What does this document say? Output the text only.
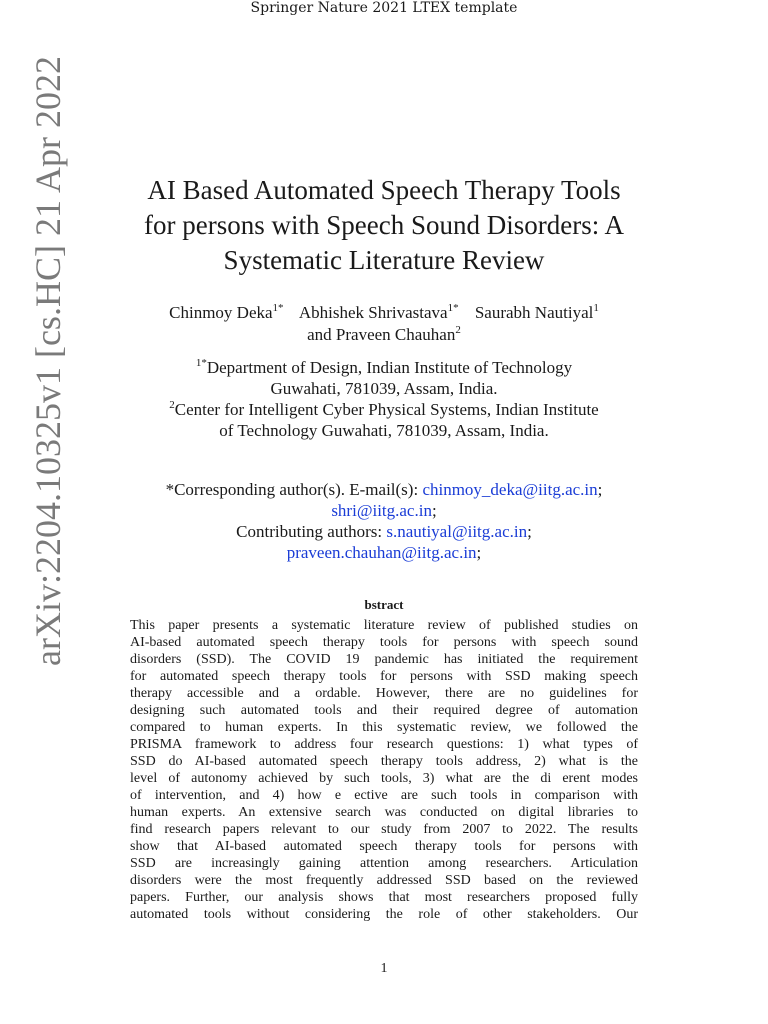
Springer Nature 2021 LTEX template
arXiv:2204.10325v1 [cs.HC] 21 Apr 2022	AI Based Automated Speech Therapy Tools
for persons with Speech Sound Disorders: A
Systematic Literature Review
Chinmoy Deka$^{1*}$ Abhishek Shrivastava$^{1*}$ Saurabh Nautiyal$^1$
and Praveen Chauhan$^2$

$^{1*}$Department of Design, Indian Institute of Technology
Guwahati, 781039, Assam, India.

$^2$Center for Intelligent Cyber Physical Systems, Indian Institute
of Technology Guwahati, 781039, Assam, India.

*Corresponding author(s). E-mail(s): chinmoy_deka@iitg.ac.in;
shri@iitg.ac.in;
Contributing authors: s.nautiyal@iitg.ac.in;
praveen.chauhan@iitg.ac.in;
bstract
This paper presents a systematic literature review of published studies on
AI-based automated speech therapy tools for persons with speech sound
disorders (SSD). The COVID 19 pandemic has initiated the requirement
for automated speech therapy tools for persons with SSD making speech
therapy accessible and a ordable. However, there are no guidelines for
designing such automated tools and their required degree of automation
compared to human experts. In this systematic review, we followed the
PRISMA framework to address four research questions: 1) what types of
SSD do AI-based automated speech therapy tools address, 2) what is the
level of autonomy achieved by such tools, 3) what are the di erent modes
of intervention, and 4) how e ective are such tools in comparison with
human experts. An extensive search was conducted on digital libraries to
find research papers relevant to our study from 2007 to 2022. The results
show that AI-based automated speech therapy tools for persons with
SSD are increasingly gaining attention among researchers. Articulation
disorders were the most frequently addressed SSD based on the reviewed
papers. Further, our analysis shows that most researchers proposed fully
automated tools without considering the role of other stakeholders. Our
1
